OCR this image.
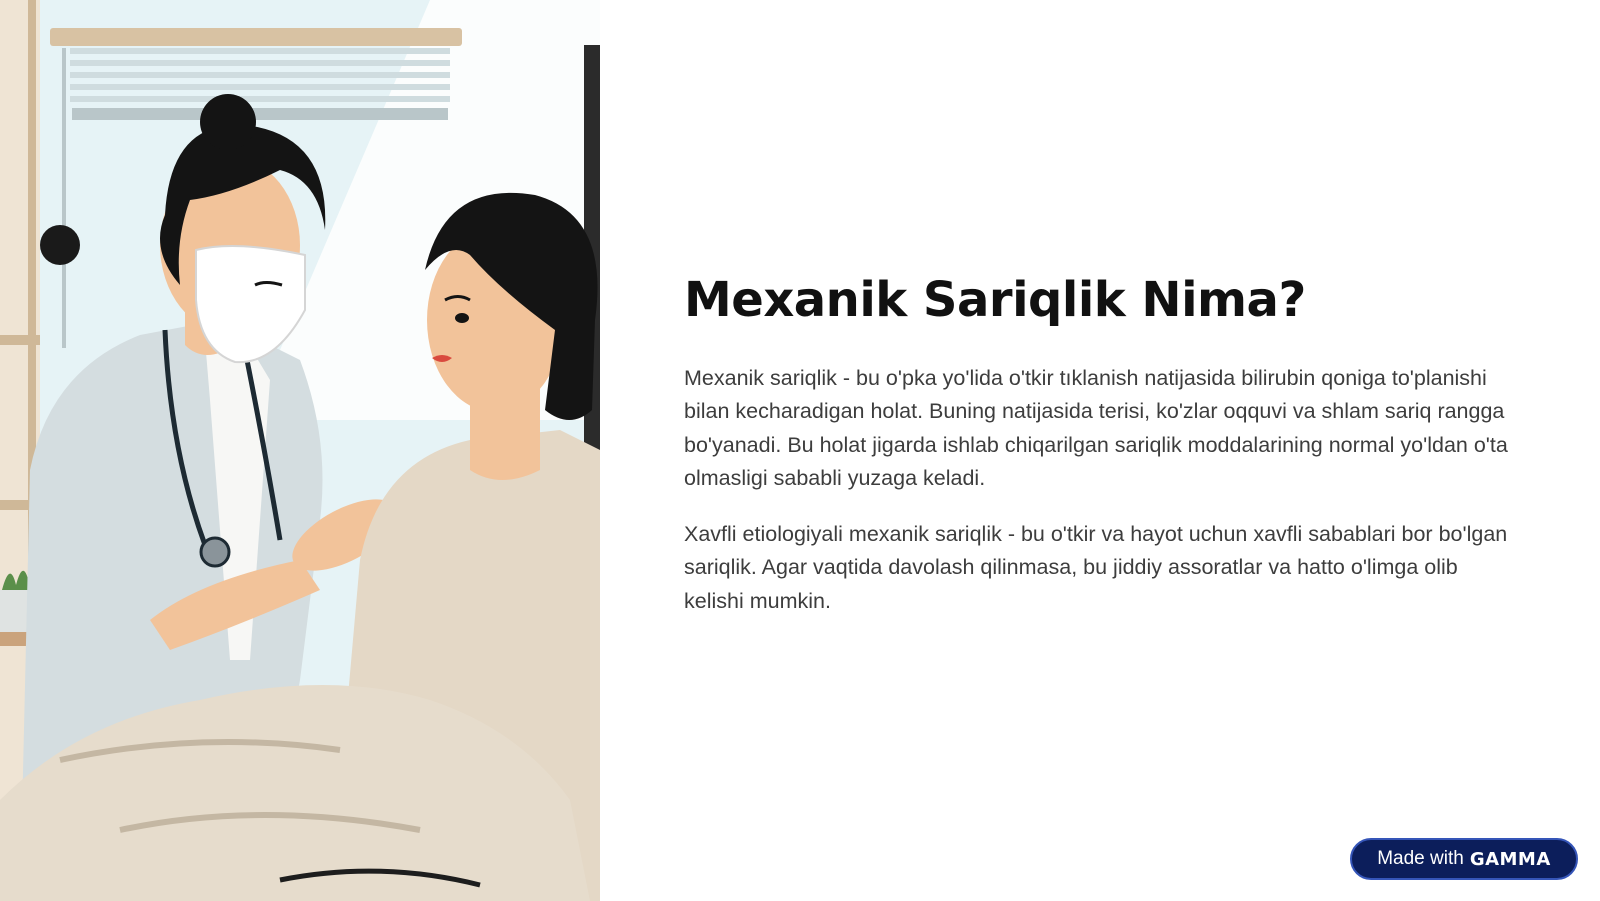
Mexanik Sariqlik Nima?

Mexanik sariqlik - bu o'pka yo'lida o'tkir tıklanish natijasida bilirubin qoniga to'planishi bilan kecharadigan holat. Buning natijasida terisi, ko'zlar oqquvi va shlam sariq rangga bo'yanadi. Bu holat jigarda ishlab chiqarilgan sariqlik moddalarining normal yo'ldan o'ta olmasligi sababli yuzaga keladi.

Xavfli etiologiyali mexanik sariqlik - bu o'tkir va hayot uchun xavfli sabablari bor bo'lgan sariqlik. Agar vaqtida davolash qilinmasa, bu jiddiy assoratlar va hatto o'limga olib kelishi mumkin.

Made with GAMMA
